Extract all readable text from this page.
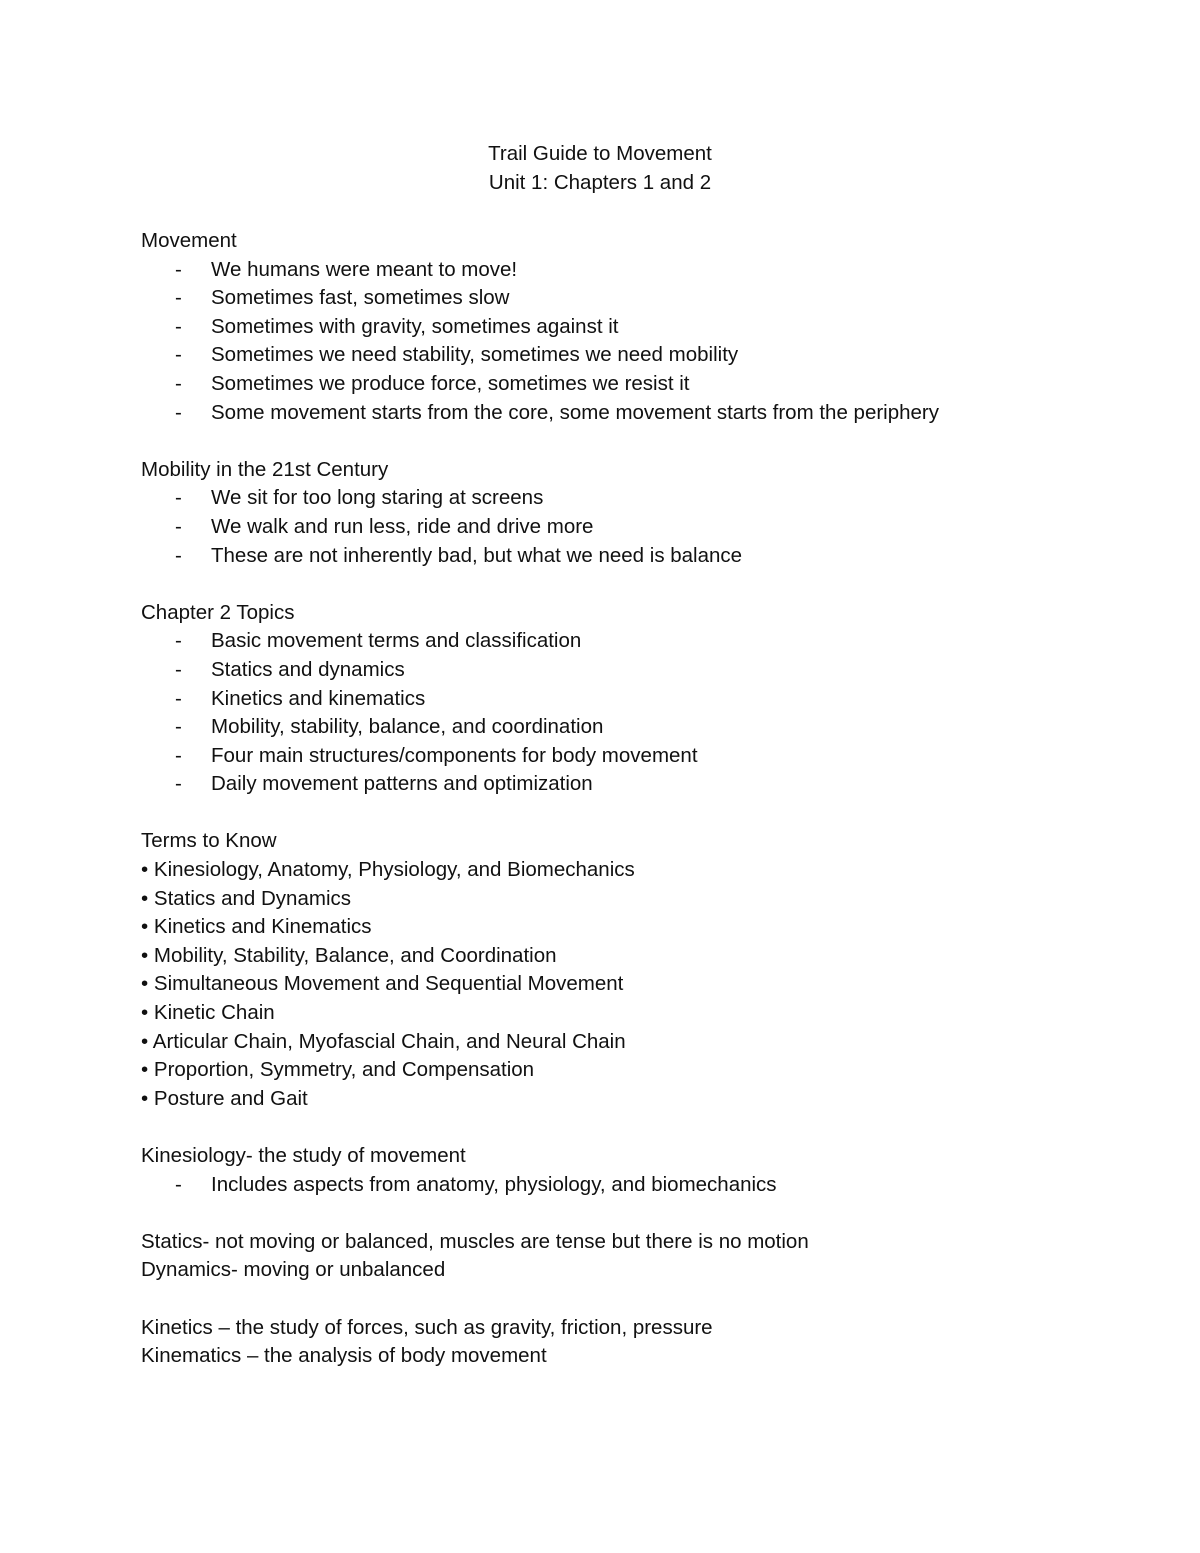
Trail Guide to Movement
Unit 1: Chapters 1 and 2
Movement
- We humans were meant to move!
- Sometimes fast, sometimes slow
- Sometimes with gravity, sometimes against it
- Sometimes we need stability, sometimes we need mobility
- Sometimes we produce force, sometimes we resist it
- Some movement starts from the core, some movement starts from the periphery
Mobility in the 21st Century
- We sit for too long staring at screens
- We walk and run less, ride and drive more
- These are not inherently bad, but what we need is balance
Chapter 2 Topics
- Basic movement terms and classification
- Statics and dynamics
- Kinetics and kinematics
- Mobility, stability, balance, and coordination
- Four main structures/components for body movement
- Daily movement patterns and optimization
Terms to Know
• Kinesiology, Anatomy, Physiology, and Biomechanics
• Statics and Dynamics
• Kinetics and Kinematics
• Mobility, Stability, Balance, and Coordination
• Simultaneous Movement and Sequential Movement
• Kinetic Chain
• Articular Chain, Myofascial Chain, and Neural Chain
• Proportion, Symmetry, and Compensation
• Posture and Gait
Kinesiology- the study of movement
- Includes aspects from anatomy, physiology, and biomechanics
Statics- not moving or balanced, muscles are tense but there is no motion
Dynamics- moving or unbalanced
Kinetics – the study of forces, such as gravity, friction, pressure
Kinematics – the analysis of body movement
